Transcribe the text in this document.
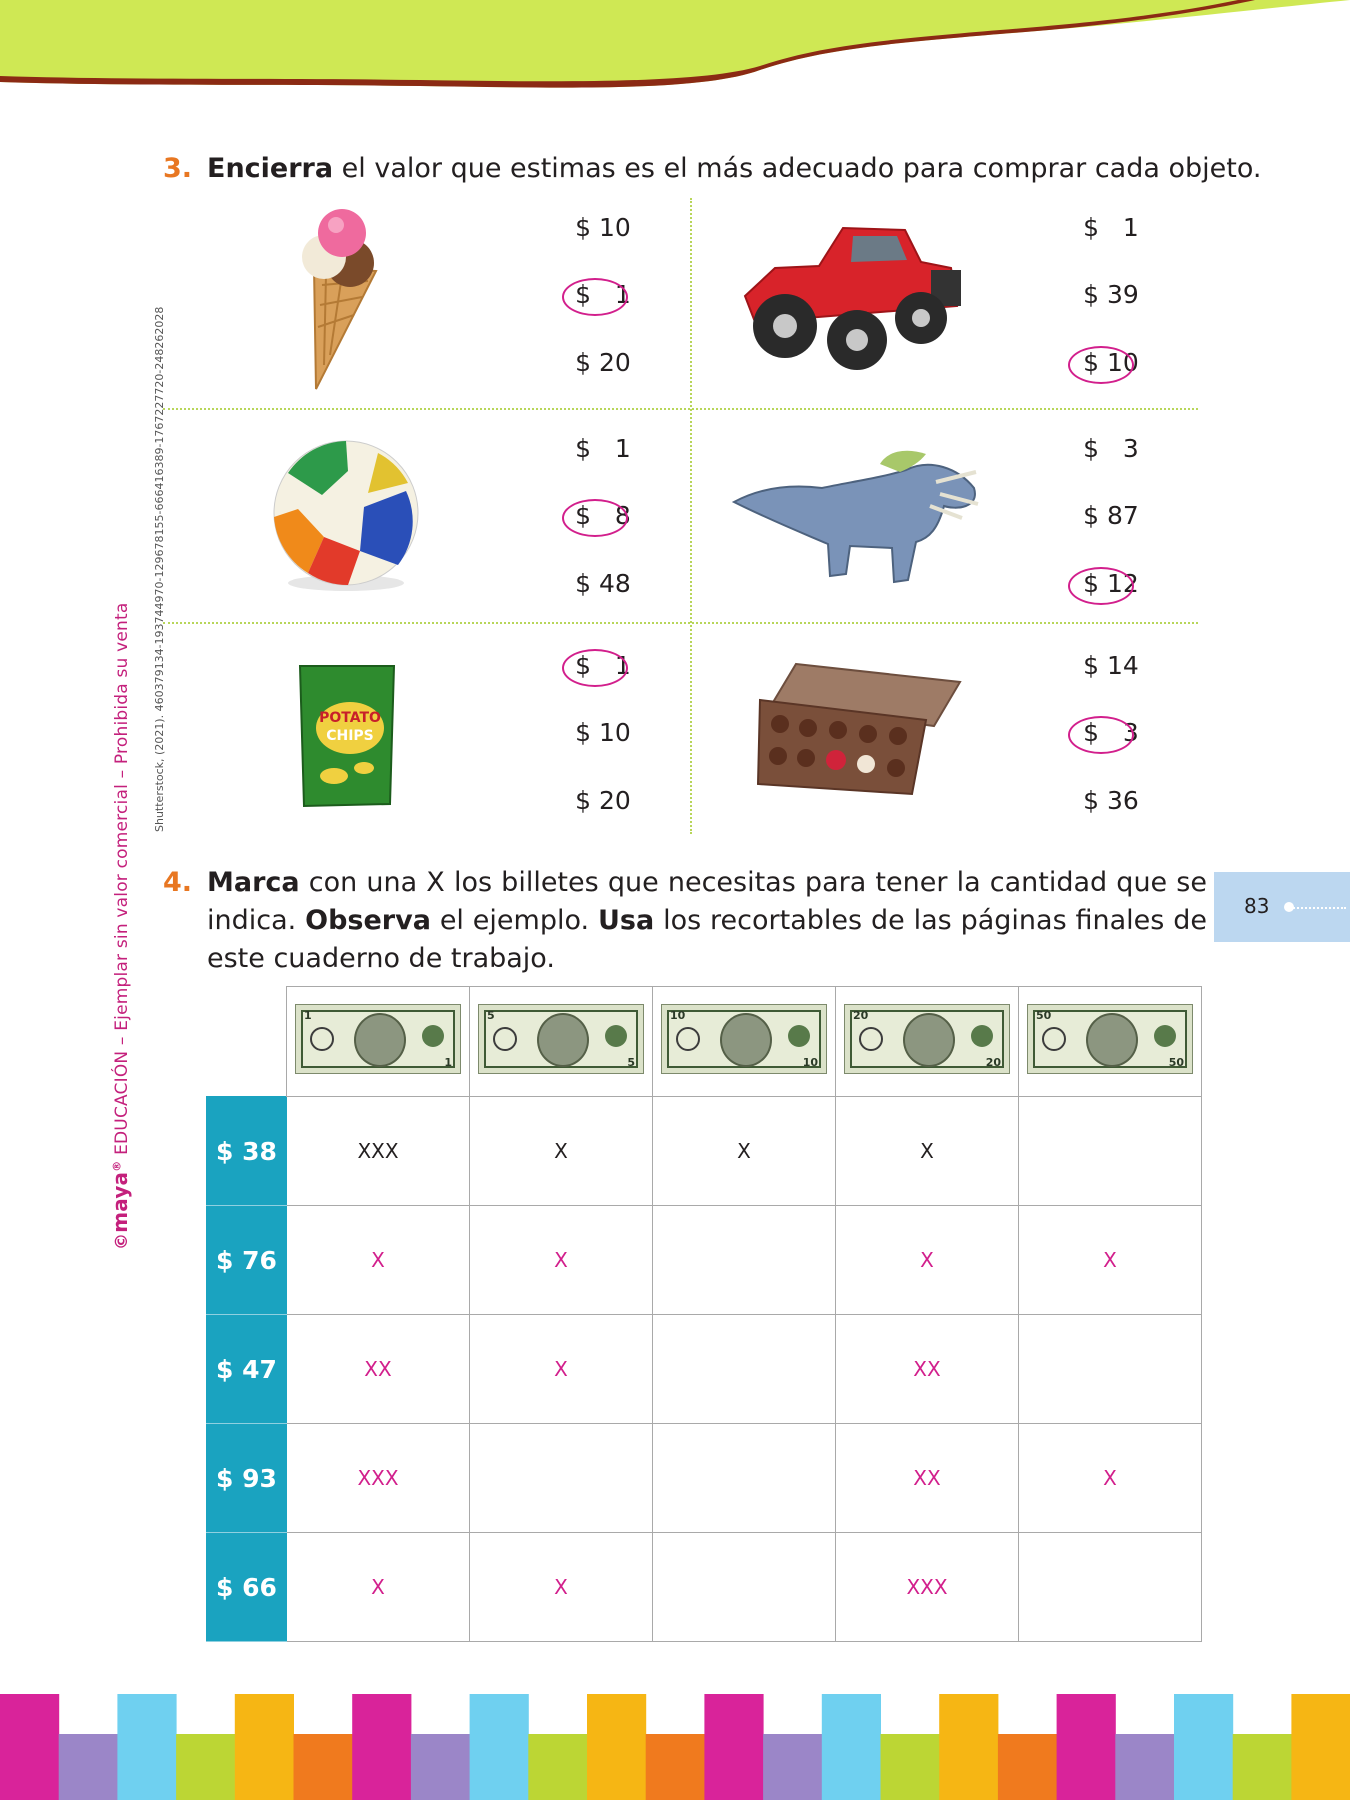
©maya® EDUCACIÓN – Ejemplar sin valor comercial – Prohibida su venta
Shutterstock, (2021). 460379134-193744970-129678155-666416389-1767227720-248262028
3. Encierra el valor que estimas es el más adecuado para comprar cada objeto.
POTATO
CHIPS
$ 10
$   1
$ 20
$   1
$ 39
$ 10
$   1
$   8
$ 48
$   3
$ 87
$ 12
$   1
$ 10
$ 20
$ 14
$   3
$ 36
4. Marca con una X los billetes que necesitas para tener la cantidad que se indica. Observa el ejemplo. Usa los recortables de las páginas finales de este cuaderno de trabajo.
83

	1
1	5
5	10
10	20
20	50
50

$ 38	XXX	X	X	X	
$ 76	X	X		X	X
$ 47	XX	X		XX	
$ 93	XXX			XX	X
$ 66	X	X		XXX	
